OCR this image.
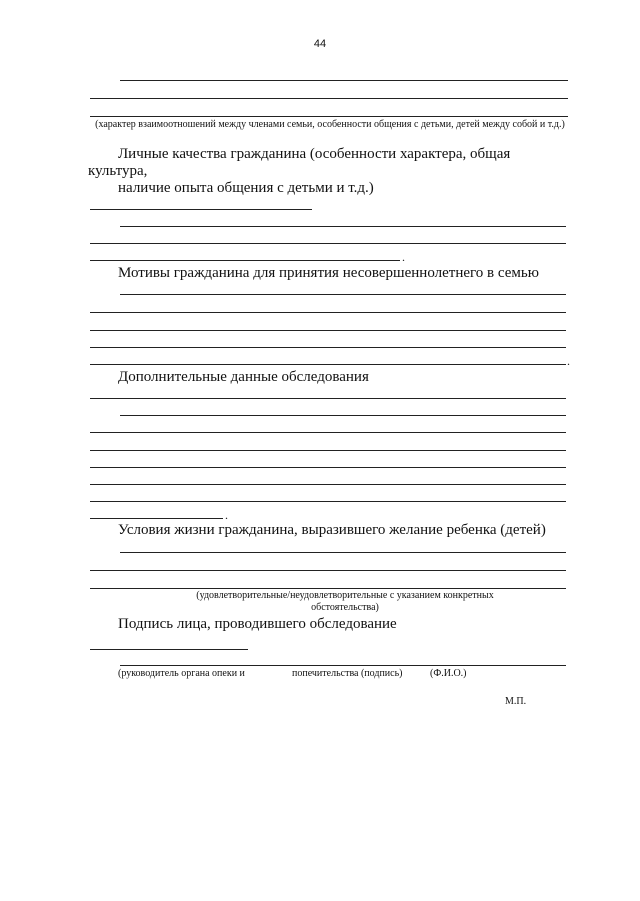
44
(характер взаимоотношений между членами семьи, особенности общения с детьми, детей между собой и т.д.)
Личные качества гражданина (особенности характера, общая
культура,
наличие опыта общения с детьми и т.д.)
.
Мотивы гражданина для принятия несовершеннолетнего в семью
.
Дополнительные данные обследования
.
Условия жизни гражданина, выразившего желание ребенка (детей)
(удовлетворительные/неудовлетворительные с указанием конкретных обстоятельства)
Подпись лица, проводившего обследование
(руководитель органа опеки и	попечительства (подпись)	(Ф.И.О.)
М.П.
